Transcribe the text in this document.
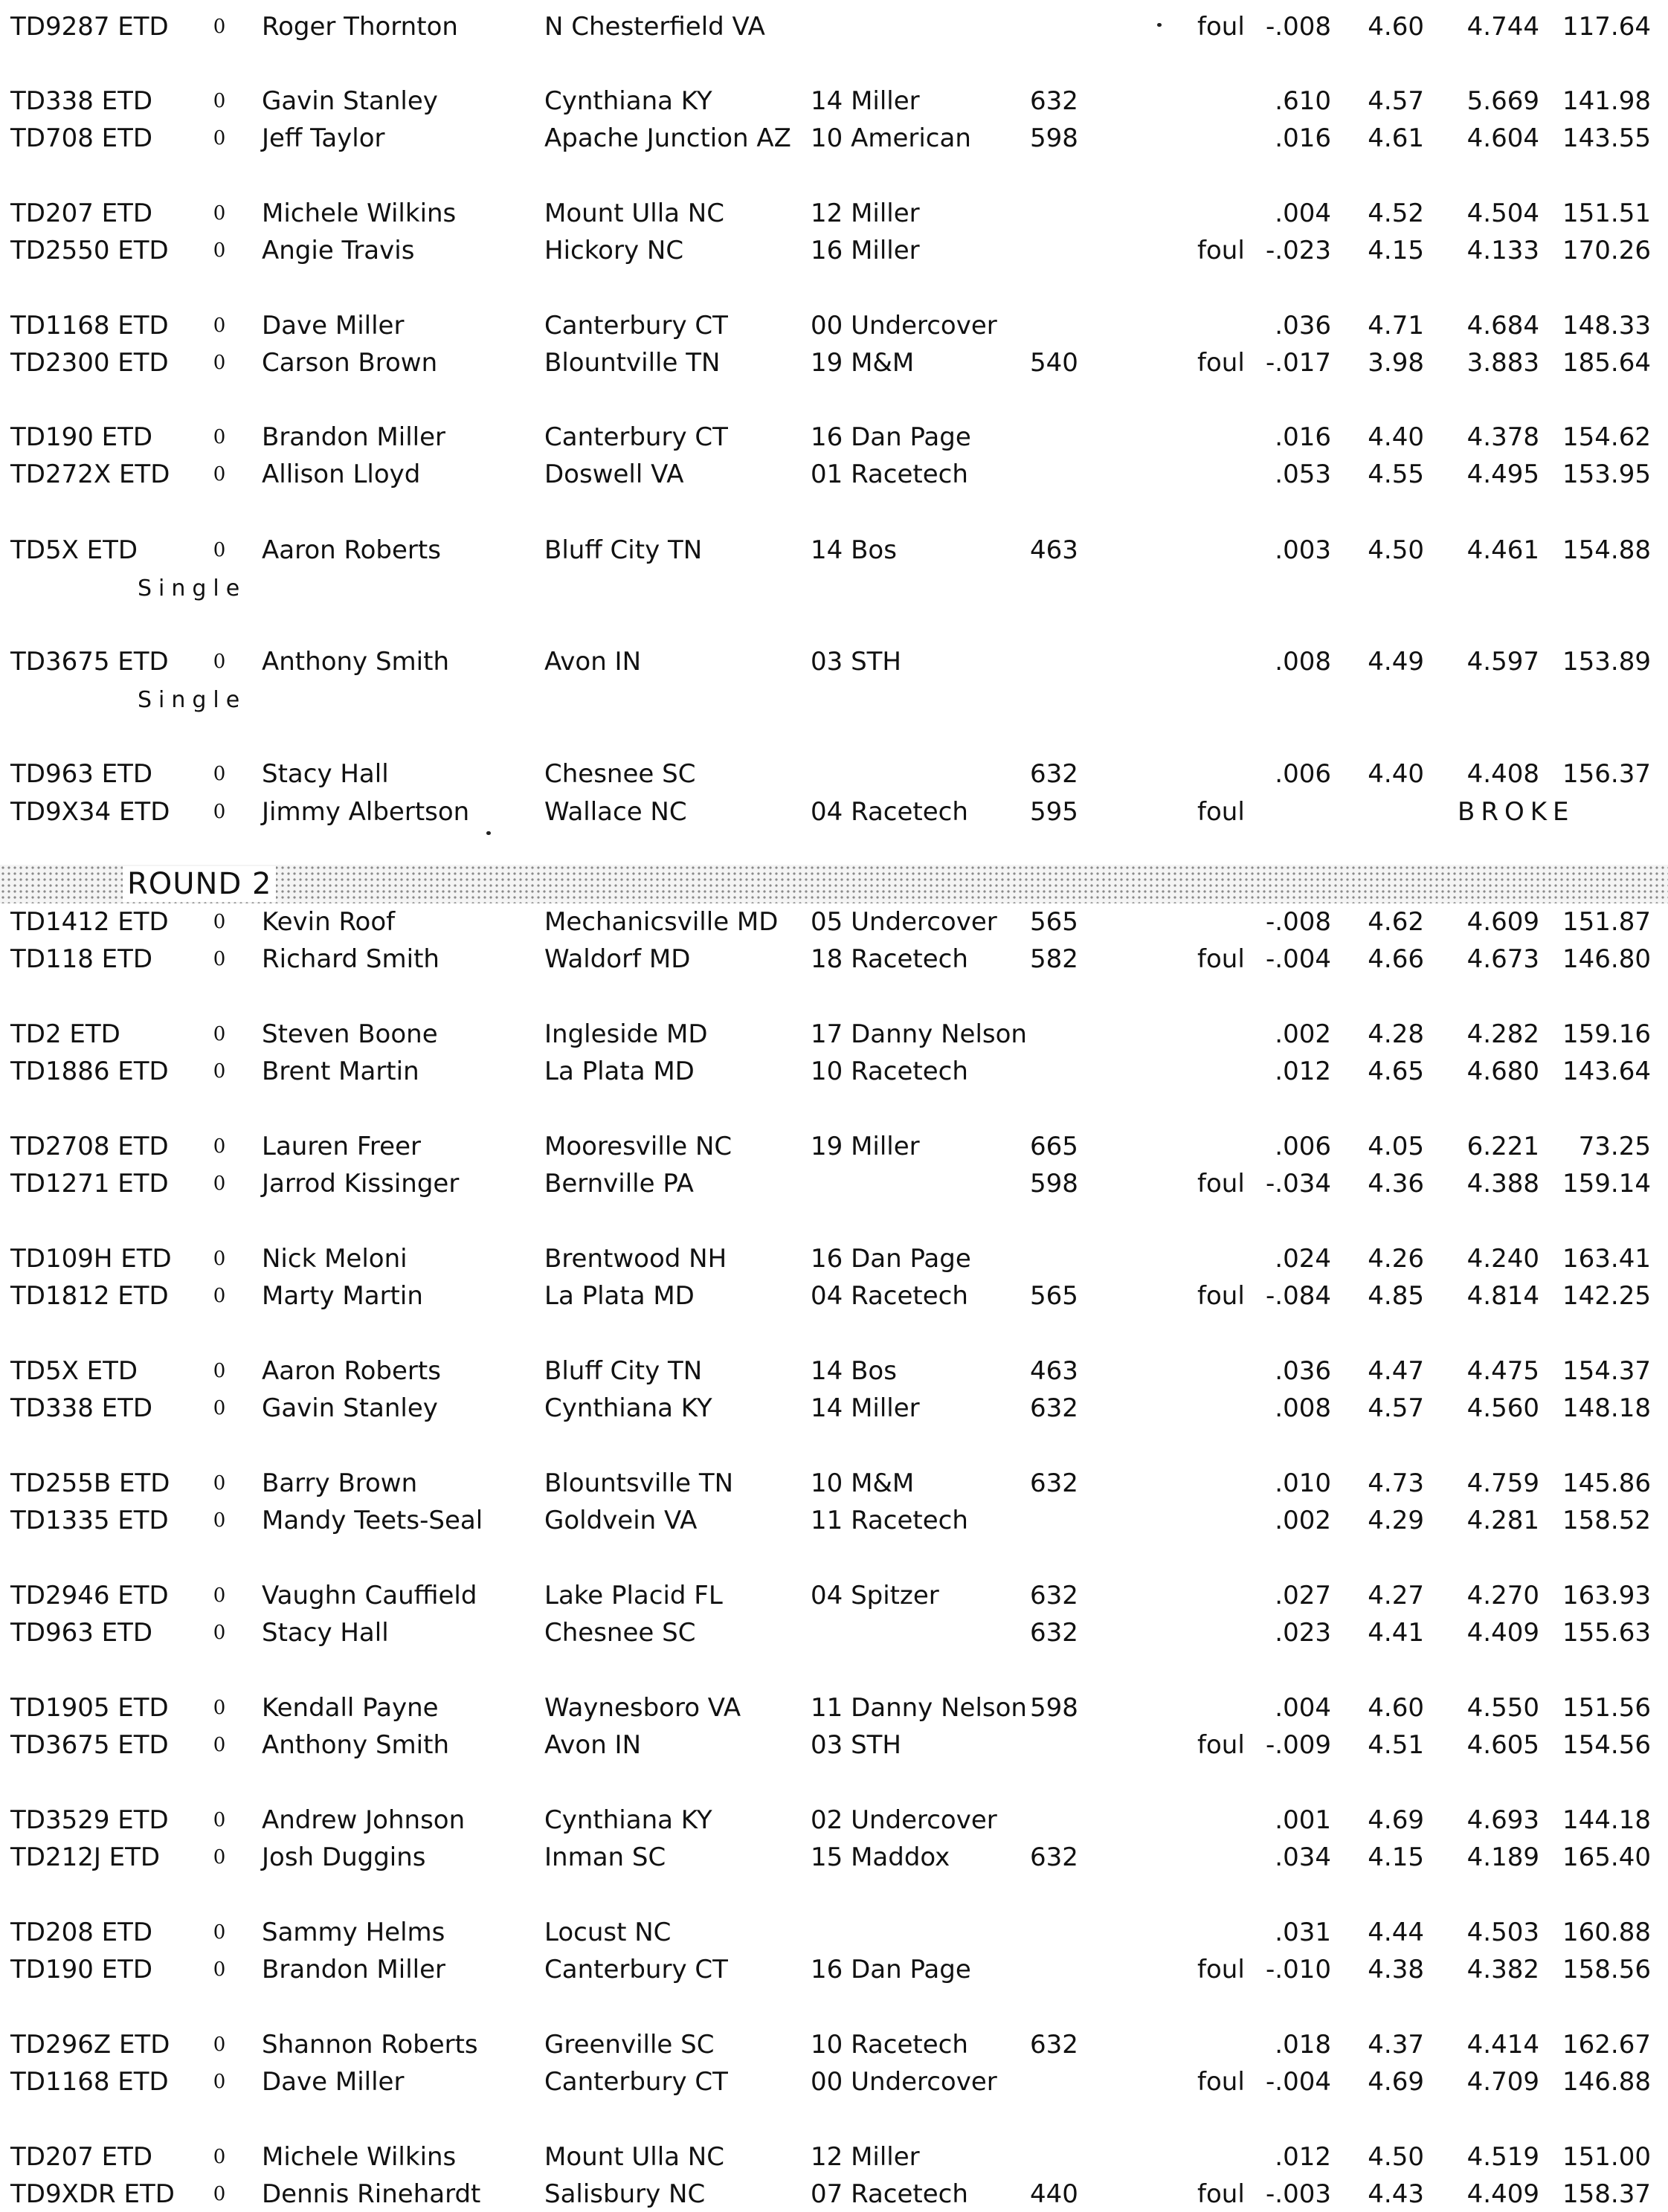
TD9287 ETD	0	Roger Thornton	N Chesterfield VA	foul -.008	4.60	4.744 117.64
TD338 ETD	0	Gavin Stanley	Cynthiana KY	14 Miller	632	.610	4.57	5.669 141.98
TD708 ETD	0	Jeff Taylor	Apache Junction AZ 10 American	598	.016	4.61	4.604 143.55
TD207 ETD	0	Michele Wilkins	Mount Ulla NC	12 Miller	.004	4.52	4.504 151.51
TD2550 ETD	0	Angie Travis	Hickory NC	16 Miller	foul -.023	4.15	4.133 170.26
TD1168 ETD	0	Dave Miller	Canterbury CT	00 Undercover	.036	4.71	4.684 148.33
TD2300 ETD	0	Carson Brown	Blountville TN	19 M&M	540	foul -.017	3.98	3.883 185.64
TD190 ETD	0	Brandon Miller	Canterbury CT	16 Dan Page	.016	4.40	4.378 154.62
TD272X ETD	0	Allison Lloyd	Doswell VA	01 Racetech	.053	4.55	4.495 153.95
TD5X ETD	0	Aaron Roberts	Bluff City TN	14 Bos	463	.003	4.50	4.461 154.88
TD3675 ETD	0	Anthony Smith	Avon IN	03 STH	.008	4.49	4.597 153.89
TD963 ETD	0	Stacy Hall	Chesnee SC	632	.006	4.40	4.408 156.37
TD9X34 ETD	0	Jimmy Albertson	Wallace NC	04 Racetech	595	foul	BROKE
Single
Single
ROUND 2
TD1412 ETD	0	Kevin Roof	Mechanicsville MD	05 Undercover	565	-.008	4.62	4.609 151.87
TD118 ETD	0	Richard Smith	Waldorf MD	18 Racetech	582	foul -.004	4.66	4.673 146.80
TD2 ETD	0	Steven Boone	Ingleside MD	17 Danny Nelson	.002	4.28	4.282 159.16
TD1886 ETD	0	Brent Martin	La Plata MD	10 Racetech	.012	4.65	4.680 143.64
TD2708 ETD	0	Lauren Freer	Mooresville NC	19 Miller	665	.006	4.05	6.221	73.25
TD1271 ETD	0	Jarrod Kissinger	Bernville PA	598	foul -.034	4.36	4.388 159.14
TD109H ETD	0	Nick Meloni	Brentwood NH	16 Dan Page	.024	4.26	4.240 163.41
TD1812 ETD	0	Marty Martin	La Plata MD	04 Racetech	565	foul -.084	4.85	4.814 142.25
TD5X ETD	0	Aaron Roberts	Bluff City TN	14 Bos	463	.036	4.47	4.475 154.37
TD338 ETD	0	Gavin Stanley	Cynthiana KY	14 Miller	632	.008	4.57	4.560 148.18
TD255B ETD	0	Barry Brown	Blountsville TN	10 M&M	632	.010	4.73	4.759 145.86
TD1335 ETD	0	Mandy Teets-Seal	Goldvein VA	11 Racetech	.002	4.29	4.281 158.52
TD2946 ETD	0	Vaughn Cauffield	Lake Placid FL	04 Spitzer	632	.027	4.27	4.270 163.93
TD963 ETD	0	Stacy Hall	Chesnee SC	632	.023	4.41	4.409 155.63
TD1905 ETD	0	Kendall Payne	Waynesboro VA	11 Danny Nelson 598	.004	4.60	4.550 151.56
TD3675 ETD	0	Anthony Smith	Avon IN	03 STH	foul -.009	4.51	4.605 154.56
TD3529 ETD	0	Andrew Johnson	Cynthiana KY	02 Undercover	.001	4.69	4.693 144.18
TD212J ETD	0	Josh Duggins	Inman SC	15 Maddox	632	.034	4.15	4.189 165.40
TD208 ETD	0	Sammy Helms	Locust NC	.031	4.44	4.503 160.88
TD190 ETD	0	Brandon Miller	Canterbury CT	16 Dan Page	foul -.010	4.38	4.382 158.56
TD296Z ETD	0	Shannon Roberts	Greenville SC	10 Racetech	632	.018	4.37	4.414 162.67
TD1168 ETD	0	Dave Miller	Canterbury CT	00 Undercover	foul -.004	4.69	4.709 146.88
TD207 ETD	0	Michele Wilkins	Mount Ulla NC	12 Miller	.012	4.50	4.519 151.00
TD9XDR ETD	0	Dennis Rinehardt	Salisbury NC	07 Racetech	440	foul -.003	4.43	4.409 158.37
